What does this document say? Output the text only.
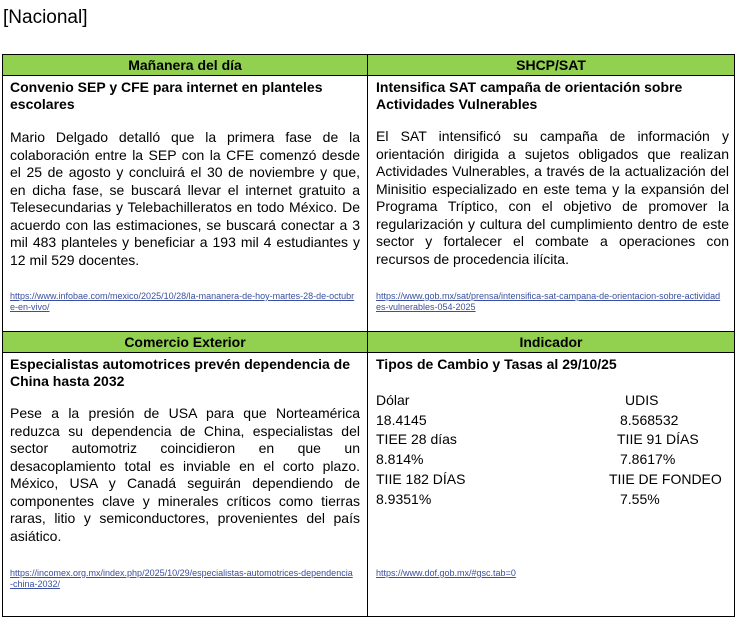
[Nacional]
Mañanera del día	SHCP/SAT
Convenio SEP y CFE para internet en planteles escolares
Mario Delgado detalló que la primera fase de la colaboración entre la SEP con la CFE comenzó desde el 25 de agosto y concluirá el 30 de noviembre y que, en dicha fase, se buscará llevar el internet gratuito a Telesecundarias y Telebachilleratos en todo México. De acuerdo con las estimaciones, se buscará conectar a 3 mil 483 planteles y beneficiar a 193 mil 4 estudiantes y 12 mil 529 docentes.
https://www.infobae.com/mexico/2025/10/28/la-mananera-de-hoy-martes-28-de-octubre-en-vivo/
Intensifica SAT campaña de orientación sobre Actividades Vulnerables
El SAT intensificó su campaña de información y orientación dirigida a sujetos obligados que realizan Actividades Vulnerables, a través de la actualización del Minisitio especializado en este tema y la expansión del Programa Tríptico, con el objetivo de promover la regularización y cultura del cumplimiento dentro de este sector y fortalecer el combate a operaciones con recursos de procedencia ilícita.
https://www.gob.mx/sat/prensa/intensifica-sat-campana-de-orientacion-sobre-actividades-vulnerables-054-2025
Comercio Exterior	Indicador
Especialistas automotrices prevén dependencia de China hasta 2032
Pese a la presión de USA para que Norteamérica reduzca su dependencia de China, especialistas del sector automotriz coincidieron en que un desacoplamiento total es inviable en el corto plazo. México, USA y Canadá seguirán dependiendo de componentes clave y minerales críticos como tierras raras, litio y semiconductores, provenientes del país asiático.
https://incomex.org.mx/index.php/2025/10/29/especialistas-automotrices-dependencia-china-2032/
Tipos de Cambio y Tasas al 29/10/25
Dólar	UDIS
18.4145	8.568532
TIEE 28 días	TIIE 91 DÍAS
8.814%	7.8617%
TIIE 182 DÍAS	TIIE DE FONDEO
8.9351%	7.55%
https://www.dof.gob.mx/#gsc.tab=0
